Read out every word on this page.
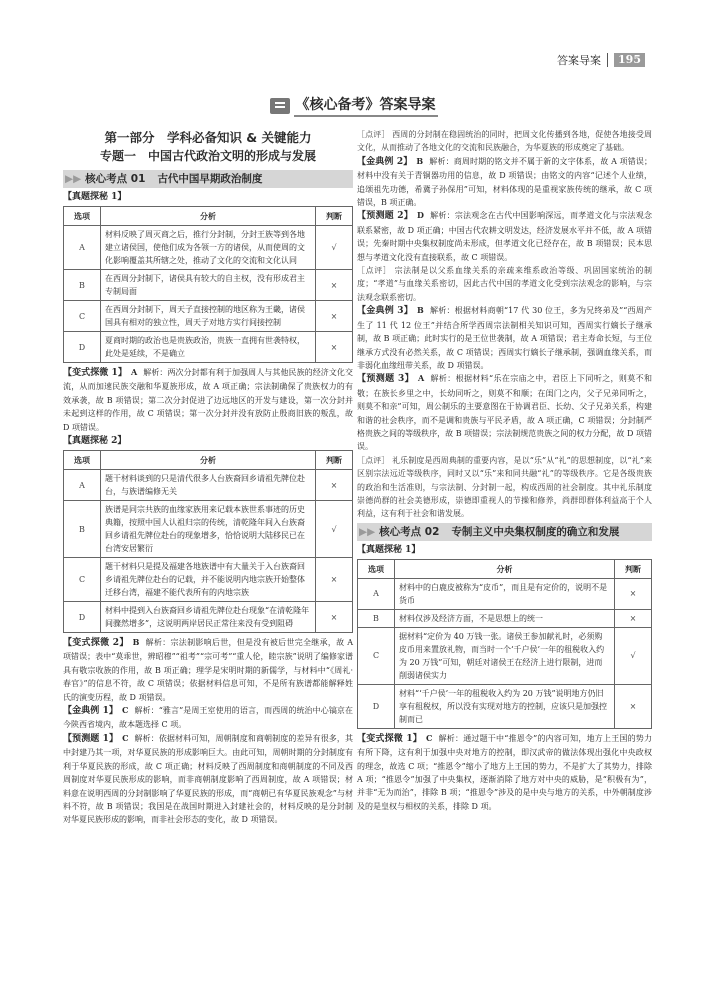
答案导案	195
《核心备考》答案导案
第一部分　学科必备知识 & 关键能力
专题一　中国古代政治文明的形成与发展
▶▶ 核心考点 01 古代中国早期政治制度
【真题探秘 1】
选项	分析	判断
A	材料反映了周灭商之后，推行分封制，分封王族等到各地建立诸侯国，使他们成为各领一方的诸侯，从而使周的文化影响覆盖其所辖之处，推动了文化的交流和文化认同	√
B	在西周分封制下，诸侯具有较大的自主权，没有形成君主专制局面	×
C	在西周分封制下，周天子直接控制的地区称为王畿，诸侯国具有相对的独立性，周天子对地方实行间接控制	×
D	夏商时期的政治也是贵族政治，贵族一直拥有世袭特权，此处是延续，不是确立	×

【变式探微 1】 A 解析：两次分封都有利于加强周人与其他民族的经济文化交流，从而加速民族交融和华夏族形成，故 A 项正确；宗法制确保了贵族权力的有效承袭，故 B 项错误；第二次分封促进了边远地区的开发与建设，第一次分封并未起到这样的作用，故 C 项错误；第一次分封并没有放防止殷商旧族的叛乱，故 D 项错误。

【真题探秘 2】
选项	分析	判断
A	题干材料谈到的只是清代很多人台族裔回乡请祖先牌位赴台，与族谱编修无关	×
B	族谱是同宗共族的血缘家族用来记载本族世系事迹的历史典籍，按照中国人认祖归宗的传统，清乾隆年间入台族裔回乡请祖先牌位赴台的现象增多，恰恰说明大陆移民已在台湾安居繁衍	√
C	题干材料只是提及福建各地族谱中有大量关于入台族裔回乡请祖先牌位赴台的记载，并不能说明内地宗族开始整体迁移台湾，福建不能代表所有的内地宗族	×
D	材料中提到入台族裔回乡请祖先牌位赴台现象“在清乾隆年间骤然增多”，这说明两岸居民正常往来没有受到阻碍	×

【变式探微 2】 B 解析：宗法制影响后世，但是没有被后世完全继承，故 A 项错误；表中“莫乖世，辨昭穆”“祖考”“宗可考”“重人伦，睦宗族”说明了编修家谱具有敬宗收族的作用，故 B 项正确；理学是宋明时期的新儒学，与材料中“《周礼·春官》”的信息不符，故 C 项错误；依据材料信息可知，不是所有族谱都能解释姓氏的演变历程，故 D 项错误。

【金典例 1】 C 解析：“雅言”是周王室使用的语言，而西周的统治中心镐京在今陕西省境内，故本题选择 C 项。

【预测题 1】 C 解析：依据材料可知，周朝制度和商朝制度的差异有很多，其中封建乃其一项，对华夏民族的形成影响巨大。由此可知，周朝时期的分封制度有利于华夏民族的形成，故 C 项正确；材料反映了西周制度和商朝制度的不同及西周制度对华夏民族形成的影响，而非商朝制度影响了西周制度，故 A 项错误；材料意在说明西周的分封制影响了华夏民族的形成，而“商朝已有华夏民族观念”与材料不符，故 B 项错误；我国是在战国时期进入封建社会的，材料反映的是分封制对华夏民族形成的影响，而非社会形态的变化，故 D 项错误。

［点评］ 西周的分封制在稳固统治的同时，把周文化传播到各地，促使各地接受周文化，从而推动了各地文化的交流和民族融合，为华夏族的形成奠定了基础。

【金典例 2】 B 解析：商周时期的铭文并不属于新的文字体系，故 A 项错误；材料中没有关于青铜器功用的信息，故 D 项错误；由铭文的内容“记述个人业绩，追颂祖先功德，希冀子孙保用”可知，材料体现的是重视家族传统的继承，故 C 项错误，B 项正确。

【预测题 2】 D 解析：宗法观念在古代中国影响深远，而孝道文化与宗法观念联系紧密，故 D 项正确；中国古代农耕文明发达，经济发展水平并不低，故 A 项错误；先秦时期中央集权制度尚未形成，但孝道文化已经存在，故 B 项错误；民本思想与孝道文化没有直接联系，故 C 项错误。

［点评］ 宗法制是以父系血缘关系的亲疏来维系政治等级、巩固国家统治的制度；“孝道”与血缘关系密切，因此古代中国的孝道文化受到宗法观念的影响，与宗法观念联系密切。

【金典例 3】 B 解析：根据材料商朝“17 代 30 位王，多为兄终弟及”“西周产生了 11 代 12 位王”并结合所学西周宗法制相关知识可知，西周实行嫡长子继承制，故 B 项正确；此时实行的是王位世袭制，故 A 项错误；君主寿命长短，与王位继承方式没有必然关系，故 C 项错误；西周实行嫡长子继承制，强调血缘关系，而非弱化血缘纽带关系，故 D 项错误。

【预测题 3】 A 解析：根据材料“乐在宗庙之中，君臣上下同听之，则莫不和敬；在族长乡里之中，长幼同听之，则莫不和顺；在闺门之内，父子兄弟同听之，则莫不和亲”可知，周公制乐的主要意图在于协调君臣、长幼、父子兄弟关系，构建和谐的社会秩序，而不是调和贵族与平民矛盾，故 A 项正确，C 项错误；分封制严格贵族之间的等级秩序，故 B 项错误；宗法制规范贵族之间的权力分配，故 D 项错误。

［点评］ 礼乐制度是西周典制的重要内容，是以“乐”从“礼”的思想制度，以“礼”来区别宗法远近等级秩序，同时又以“乐”来和同共融“礼”的等级秩序。它是各级贵族的政治和生活准则，与宗法制、分封制一起，构成西周的社会制度。其中礼乐制度崇德尚群的社会美德形成，崇德即重视人的节操和修养，尚群即群体利益高于个人利益，这有利于社会和谐发展。

▶▶ 核心考点 02 专制主义中央集权制度的确立和发展
【真题探秘 1】
选项	分析	判断
A	材料中的白鹿皮被称为“皮币”，而且是有定价的，说明不是货币	×
B	材料仅涉及经济方面，不是思想上的统一	×
C	据材料“定价为 40 万钱一张。诸侯王参加献礼时，必须购皮币用来置放礼物，而当时一个‘千户侯’一年的租税收入约为 20 万钱”可知，朝廷对诸侯王在经济上进行限制，进而削弱诸侯实力	√
D	材料“‘千户侯’一年的租税收入约为 20 万钱”说明地方仍旧享有租税权，所以没有实现对地方的控制，应该只是加强控制而已	×

【变式探微 1】 C 解析：通过题干中“推恩令”的内容可知，地方上王国的势力有所下降，这有利于加强中央对地方的控制，即汉武帝的做法体现出强化中央政权的理念，故选 C 项；“推恩令”缩小了地方上王国的势力，不是扩大了其势力，排除 A 项；“推恩令”加强了中央集权，逐渐消除了地方对中央的威胁，是“积极有为”，并非“无为而治”，排除 B 项；“推恩令”涉及的是中央与地方的关系，中外朝制度涉及的是皇权与相权的关系，排除 D 项。
